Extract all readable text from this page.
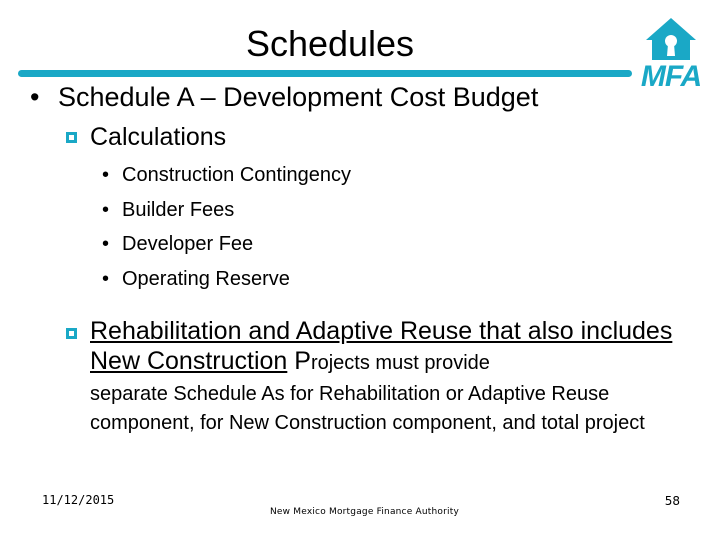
Schedules
MFA
• Schedule A – Development Cost Budget
Calculations
• Construction Contingency
• Builder Fees
• Developer Fee
• Operating Reserve
Rehabilitation and Adaptive Reuse that also includes New Construction Projects must provide
separate Schedule As for Rehabilitation or Adaptive Reuse component, for New Construction component, and total project
11/12/2015
New Mexico Mortgage Finance Authority
58
